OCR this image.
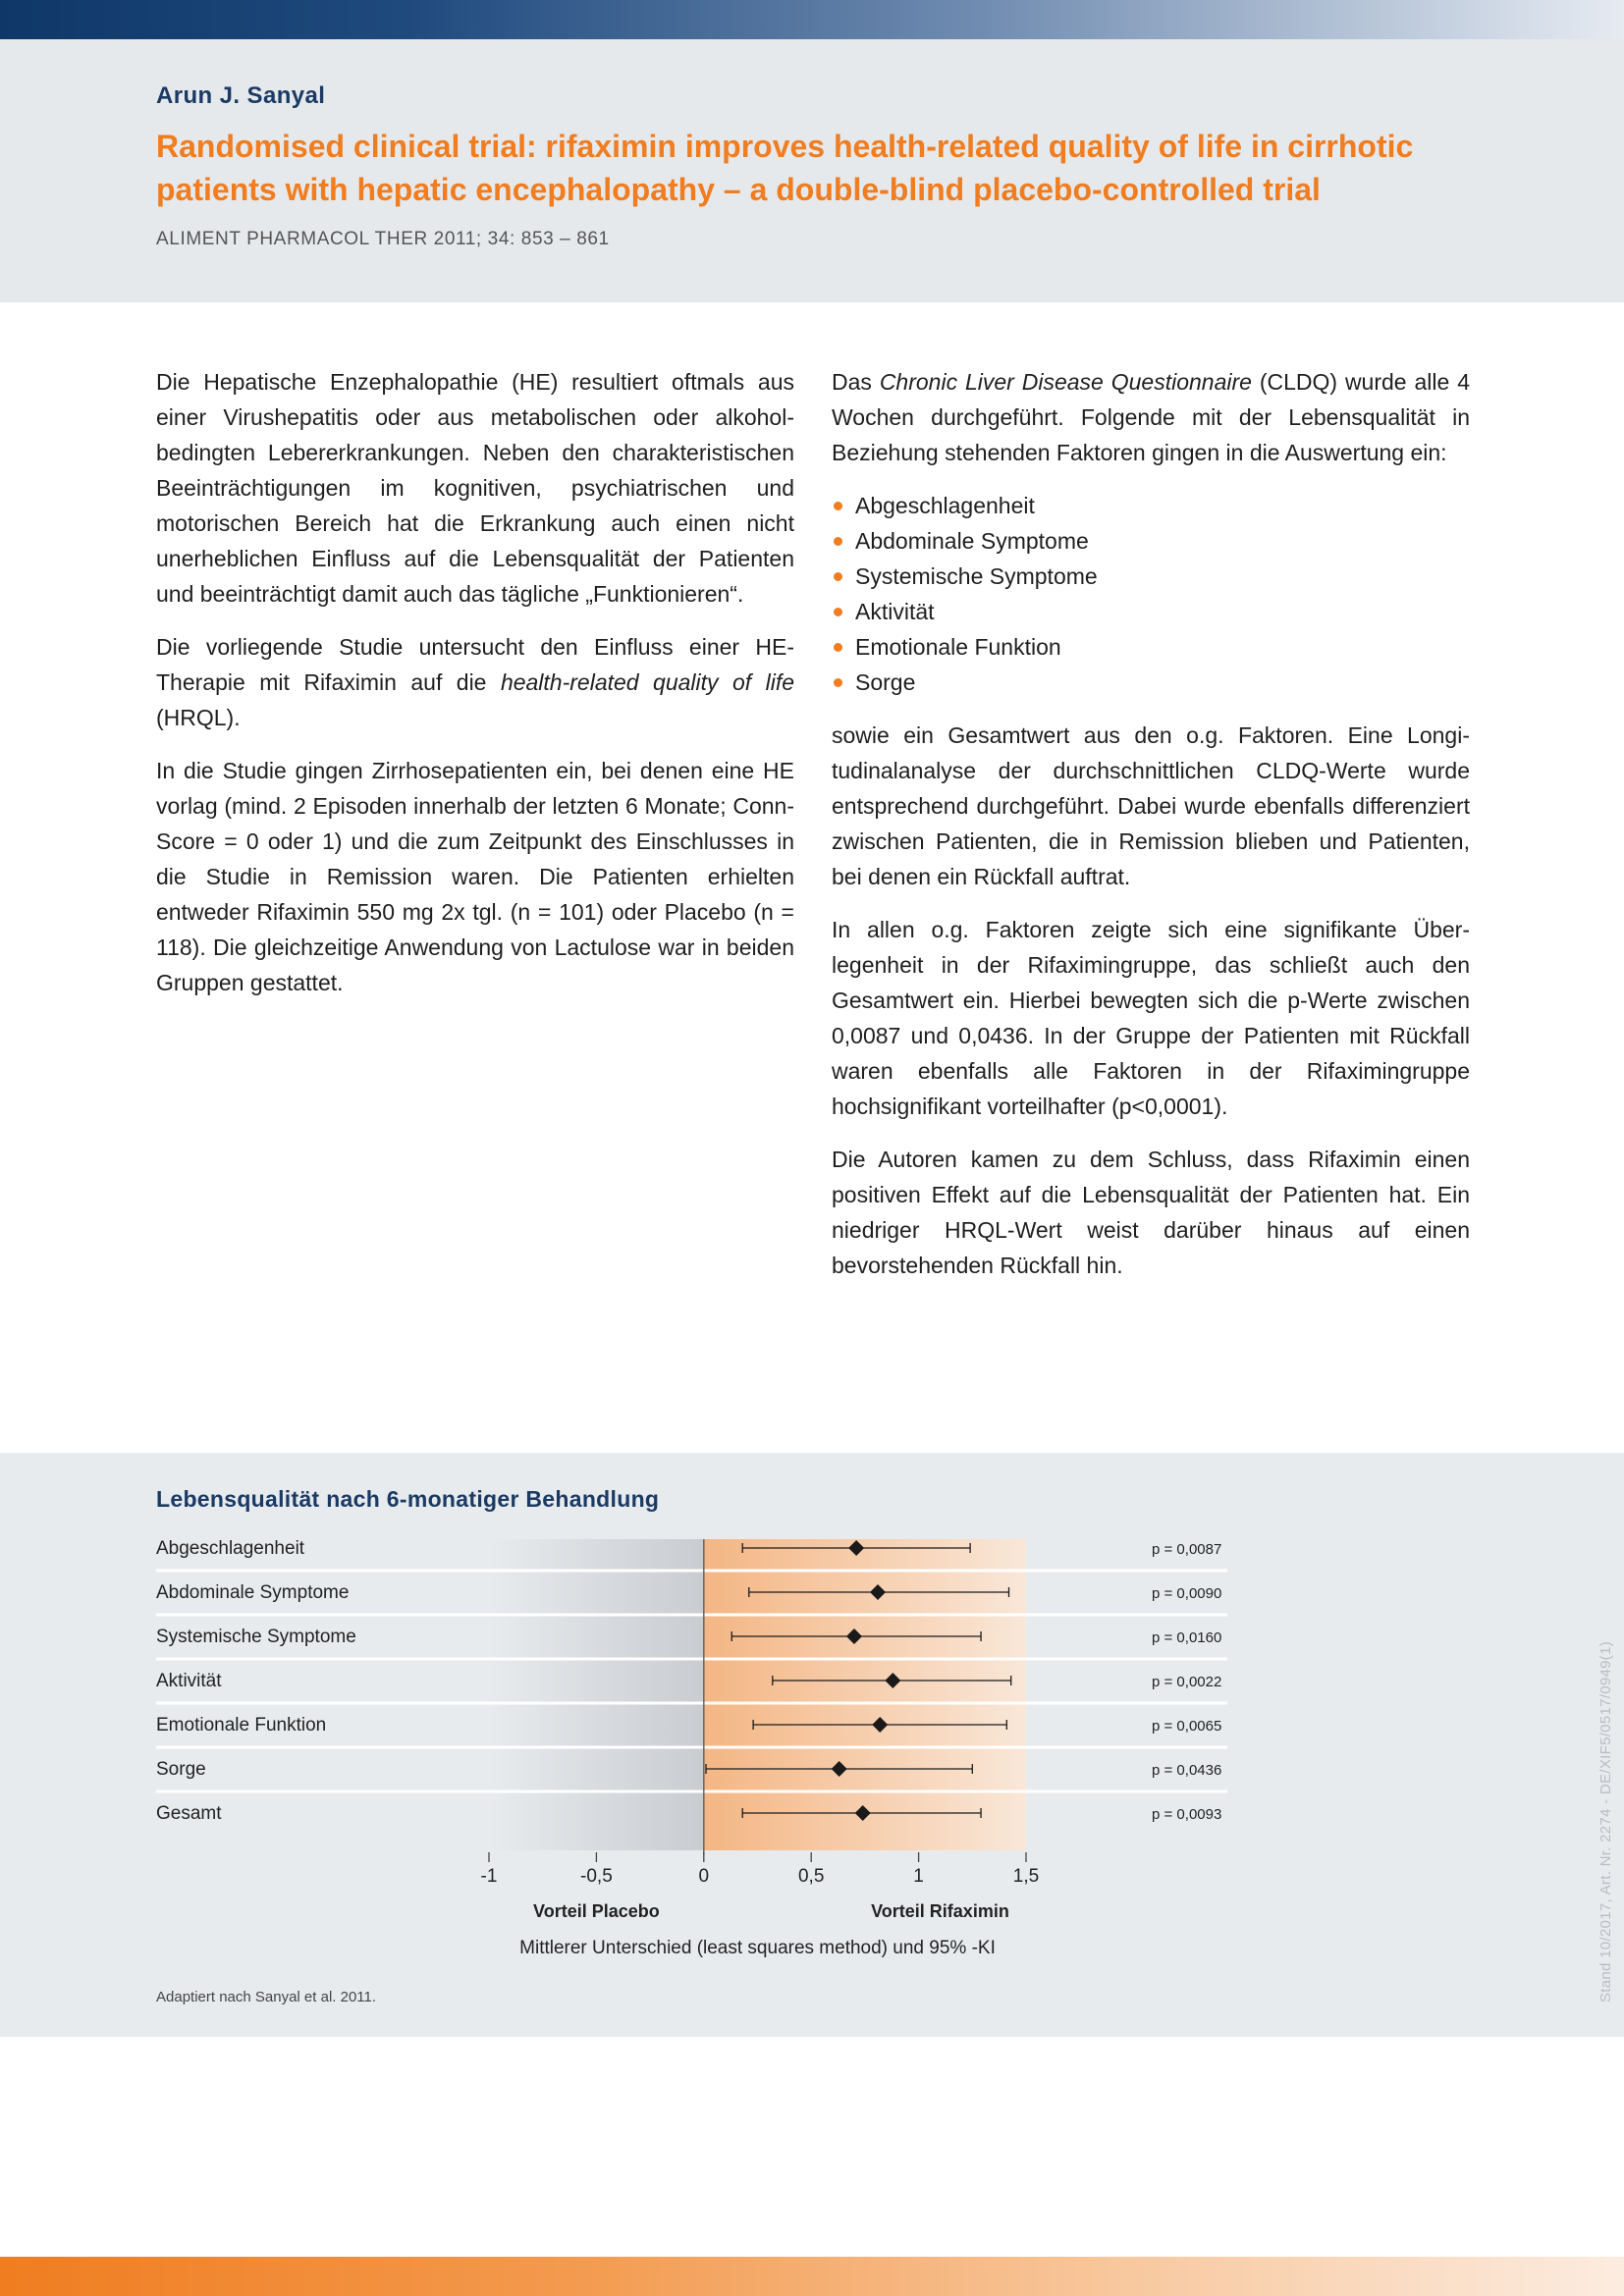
Arun J. Sanyal
Randomised clinical trial: rifaximin improves health-related quality of life in cirrhotic patients with hepatic encephalopathy – a double-blind placebo-controlled trial
ALIMENT PHARMACOL THER 2011; 34: 853 – 861

Die Hepatische Enzephalopathie (HE) resultiert oftmals aus einer Virushepatitis oder aus metabolischen oder alkoholbedingten Lebererkrankungen. Neben den charakteristischen Beeinträchtigungen im kognitiven, psychiatrischen und motorischen Bereich hat die Erkrankung auch einen nicht unerheblichen Einfluss auf die Lebensqualität der Patienten und beeinträchtigt damit auch das tägliche „Funktionieren“.

Die vorliegende Studie untersucht den Einfluss einer HE-Therapie mit Rifaximin auf die health-related quality of life (HRQL).

In die Studie gingen Zirrhosepatienten ein, bei denen eine HE vorlag (mind. 2 Episoden innerhalb der letzten 6 Monate; Conn-Score = 0 oder 1) und die zum Zeitpunkt des Einschlusses in die Studie in Remission waren. Die Patienten erhielten entweder Rifaximin 550 mg 2x tgl. (n = 101) oder Placebo (n = 118). Die gleichzeitige Anwendung von Lactulose war in beiden Gruppen gestattet.

Das Chronic Liver Disease Questionnaire (CLDQ) wurde alle 4 Wochen durchgeführt. Folgende mit der Lebensqualität in Beziehung stehenden Faktoren gingen in die Auswertung ein:

Abgeschlagenheit
Abdominale Symptome
Systemische Symptome
Aktivität
Emotionale Funktion
Sorge

sowie ein Gesamtwert aus den o.g. Faktoren. Eine Longitudinalanalyse der durchschnittlichen CLDQ-Werte wurde entsprechend durchgeführt. Dabei wurde ebenfalls differenziert zwischen Patienten, die in Remission blieben und Patienten, bei denen ein Rückfall auftrat.

In allen o.g. Faktoren zeigte sich eine signifikante Überlegenheit in der Rifaximingruppe, das schließt auch den Gesamtwert ein. Hierbei bewegten sich die p-Werte zwischen 0,0087 und 0,0436. In der Gruppe der Patienten mit Rückfall waren ebenfalls alle Faktoren in der Rifaximingruppe hochsignifikant vorteilhafter (p<0,0001).

Die Autoren kamen zu dem Schluss, dass Rifaximin einen positiven Effekt auf die Lebensqualität der Patienten hat. Ein niedriger HRQL-Wert weist darüber hinaus auf einen bevorstehenden Rückfall hin.

Lebensqualität nach 6-monatiger Behandlung
Abgeschlagenheit	p = 0,0087
Abdominale Symptome	p = 0,0090
Systemische Symptome	p = 0,0160
Aktivität	p = 0,0022
Emotionale Funktion	p = 0,0065
Sorge	p = 0,0436
Gesamt	p = 0,0093
-1	-0,5	0	0,5	1	1,5
Vorteil Placebo	Vorteil Rifaximin
Mittlerer Unterschied (least squares method) und 95% -KI
Adaptiert nach Sanyal et al. 2011.	Stand 10/2017, Art. Nr. 2274 - DE/XIF5/0517/0949(1)
